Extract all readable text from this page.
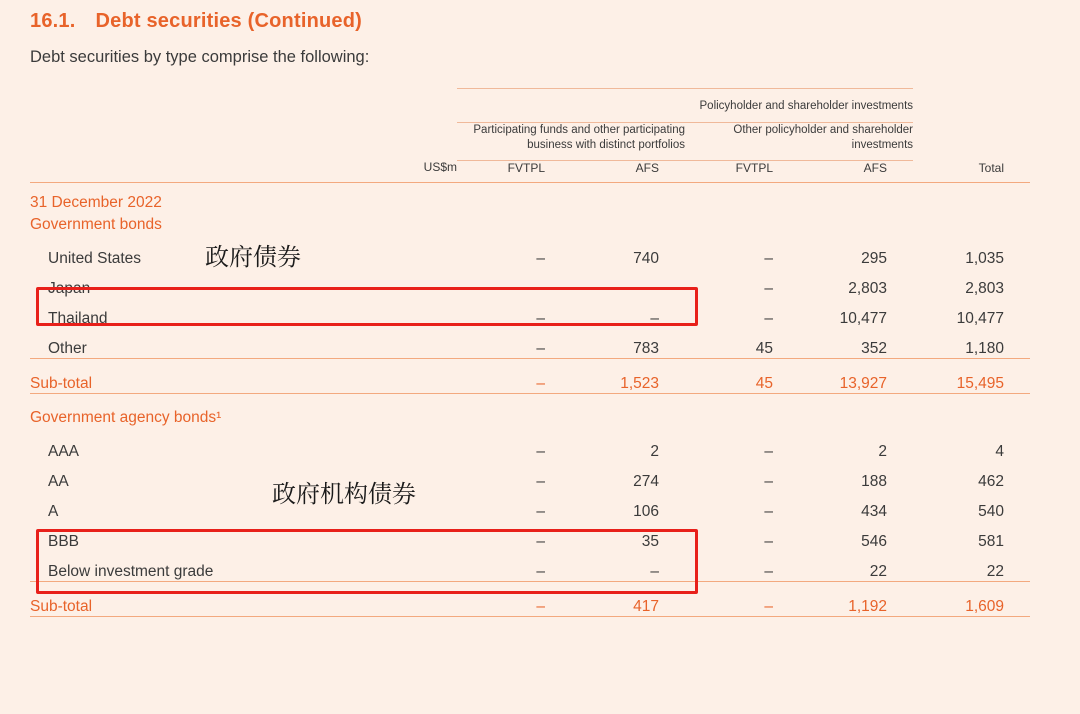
16.1. Debt securities (Continued)
Debt securities by type comprise the following:
	Policyholder and shareholder investments				
	Participating funds and other participating business with distinct portfolios		Other policyholder and shareholder investments		
US$m	FVTPL	AFS	FVTPL	AFS	Total

31 December 2022					
Government bonds					
United States	–	740	–	295	1,035
Japan	–	–	–	2,803	2,803
Thailand	–	–	–	10,477	10,477
Other	–	783	45	352	1,180
Sub-total	–	1,523	45	13,927	15,495

Government agency bonds¹					
AAA	–	2	–	2	4
AA	–	274	–	188	462
A	–	106	–	434	540
BBB	–	35	–	546	581
Below investment grade	–	–	–	22	22
Sub-total	–	417	–	1,192	1,609

政府债券
政府机构债券
